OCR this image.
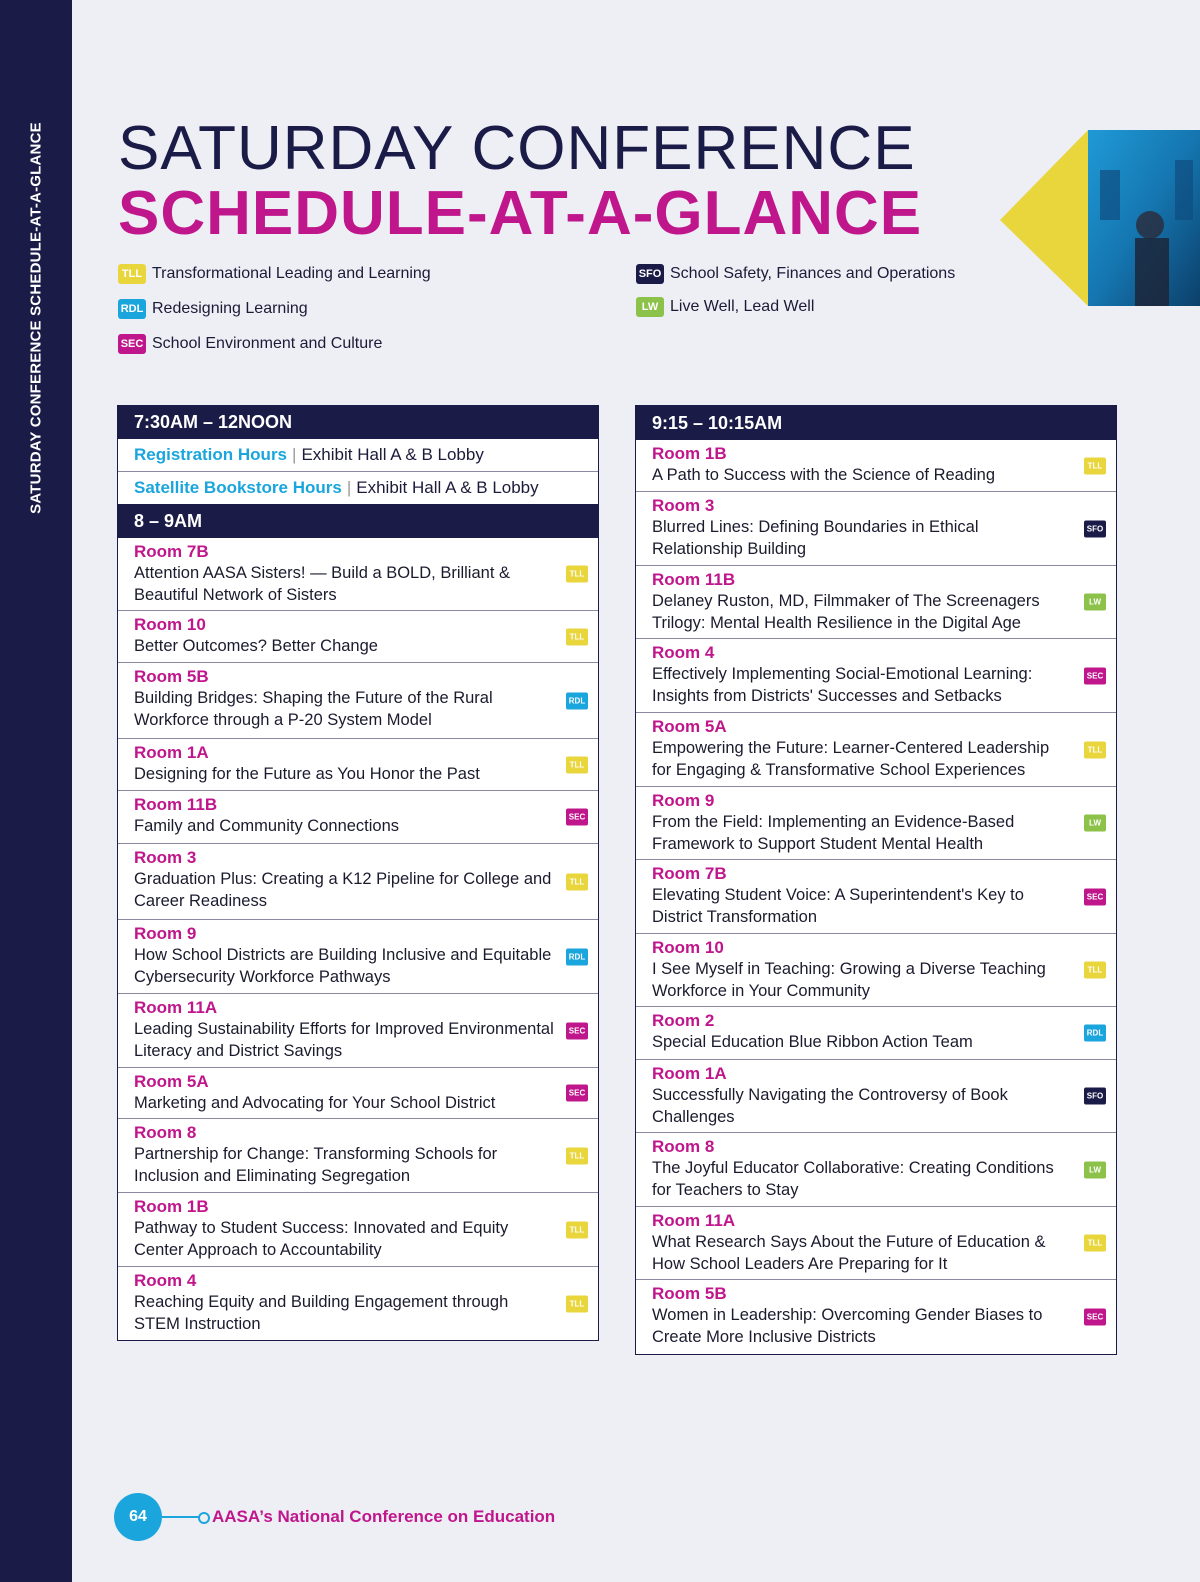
SATURDAY CONFERENCE SCHEDULE-AT-A-GLANCE SATURDAY CONFERENCE
SCHEDULE-AT-A-GLANCE
TLL Transformational Leading and Learning
RDL Redesigning Learning
SEC School Environment and Culture
SFO School Safety, Finances and Operations
LW Live Well, Lead Well
7:30AM – 12NOON
Registration Hours | Exhibit Hall A & B Lobby
Satellite Bookstore Hours | Exhibit Hall A & B Lobby
8 – 9AM
Room 7B
Attention AASA Sisters! — Build a BOLD, Brilliant & Beautiful Network of Sisters
TLL
Room 10
Better Outcomes? Better Change
TLL
Room 5B
Building Bridges: Shaping the Future of the Rural Workforce through a P-20 System Model
RDL
Room 1A
Designing for the Future as You Honor the Past
TLL
Room 11B
Family and Community Connections	SEC
Room 3
Graduation Plus: Creating a K12 Pipeline for College and Career Readiness
TLL
Room 9
How School Districts are Building Inclusive and Equitable Cybersecurity Workforce Pathways
RDL
Room 11A
Leading Sustainability Efforts for Improved Environmental Literacy and District Savings
SEC
Room 5A
Marketing and Advocating for Your School District
SEC
Room 8
Partnership for Change: Transforming Schools for Inclusion and Eliminating Segregation
TLL
Room 1B
Pathway to Student Success: Innovated and Equity Center Approach to Accountability
TLL
Room 4
Reaching Equity and Building Engagement through STEM Instruction
TLL
9:15 – 10:15AM
Room 1B
A Path to Success with the Science of Reading
TLL
Room 3
Blurred Lines: Defining Boundaries in Ethical Relationship Building
SFO
Room 11B
Delaney Ruston, MD, Filmmaker of The Screenagers Trilogy: Mental Health Resilience in the Digital Age
LW
Room 4
Effectively Implementing Social-Emotional Learning: Insights from Districts' Successes and Setbacks
SEC
Room 5A
Empowering the Future: Learner-Centered Leadership for Engaging & Transformative School Experiences
TLL
Room 9
From the Field: Implementing an Evidence-Based Framework to Support Student Mental Health
LW
Room 7B
Elevating Student Voice: A Superintendent's Key to District Transformation
SEC
Room 10
I See Myself in Teaching: Growing a Diverse Teaching Workforce in Your Community
TLL
Room 2
Special Education Blue Ribbon Action Team	RDL
Room 1A
Successfully Navigating the Controversy of Book Challenges
SFO
Room 8
The Joyful Educator Collaborative: Creating Conditions for Teachers to Stay
LW
Room 11A
What Research Says About the Future of Education & How School Leaders Are Preparing for It
TLL
Room 5B
Women in Leadership: Overcoming Gender Biases to Create More Inclusive Districts
SEC
64	AASA’s National Conference on Education
